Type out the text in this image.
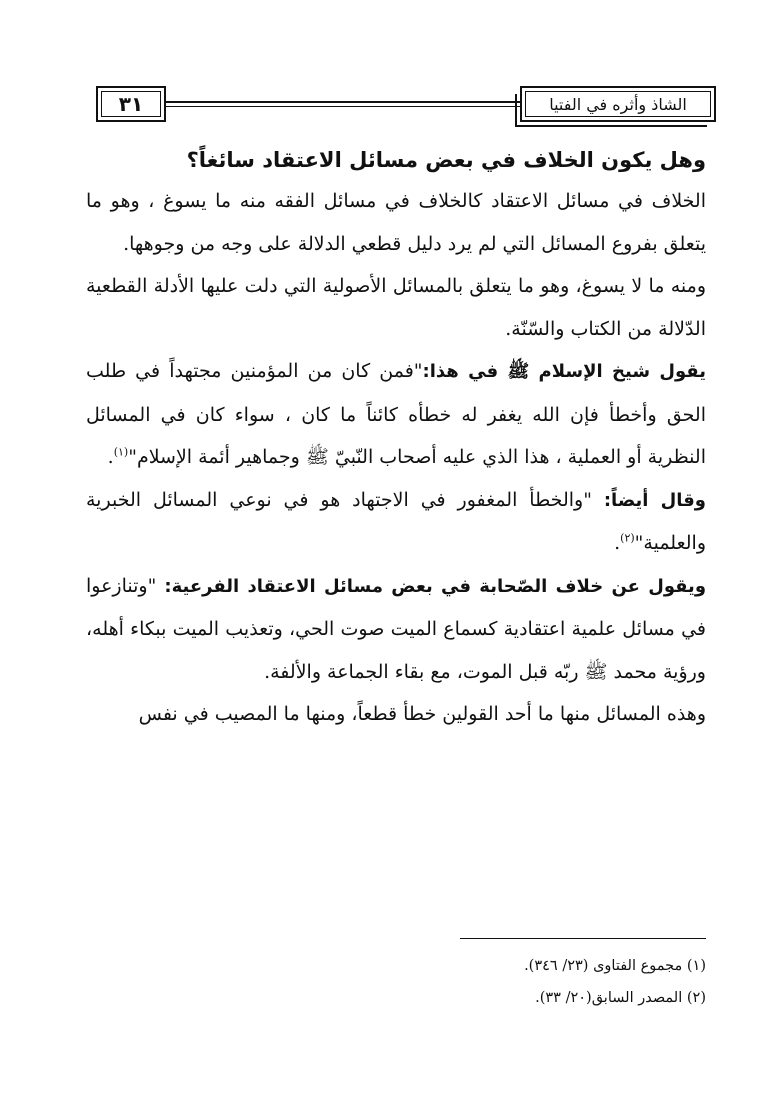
٣١	الشاذ وأثره في الفتيا

وهل يكون الخلاف في بعض مسائل الاعتقاد سائغاً؟

الخلاف في مسائل الاعتقاد كالخلاف في مسائل الفقه منه ما يسوغ ، وهو ما يتعلق بفروع المسائل التي لم يرد دليل قطعي الدلالة على وجه من وجوهها.

ومنه ما لا يسوغ، وهو ما يتعلق بالمسائل الأصولية التي دلت عليها الأدلة القطعية الدّلالة من الكتاب والسّنّة.

يقول شيخ الإسلام ﷺ في هذا:"فمن كان من المؤمنين مجتهداً في طلب الحق وأخطأ فإن الله يغفر له خطأه كائناً ما كان ، سواء كان في المسائل النظرية أو العملية ، هذا الذي عليه أصحاب النّبيّ ﷺ وجماهير أئمة الإسلام"$^{(١)}$.

وقال أيضاً: "والخطأ المغفور في الاجتهاد هو في نوعي المسائل الخبرية والعلمية"$^{(٢)}$.

ويقول عن خلاف الصّحابة في بعض مسائل الاعتقاد الفرعية: "وتنازعوا في مسائل علمية اعتقادية كسماع الميت صوت الحي، وتعذيب الميت ببكاء أهله، ورؤية محمد ﷺ ربّه قبل الموت، مع بقاء الجماعة والألفة.

وهذه المسائل منها ما أحد القولين خطأ قطعاً، ومنها ما المصيب في نفس

(١) مجموع الفتاوى (٢٣/ ٣٤٦).

(٢) المصدر السابق(٢٠/ ٣٣).
